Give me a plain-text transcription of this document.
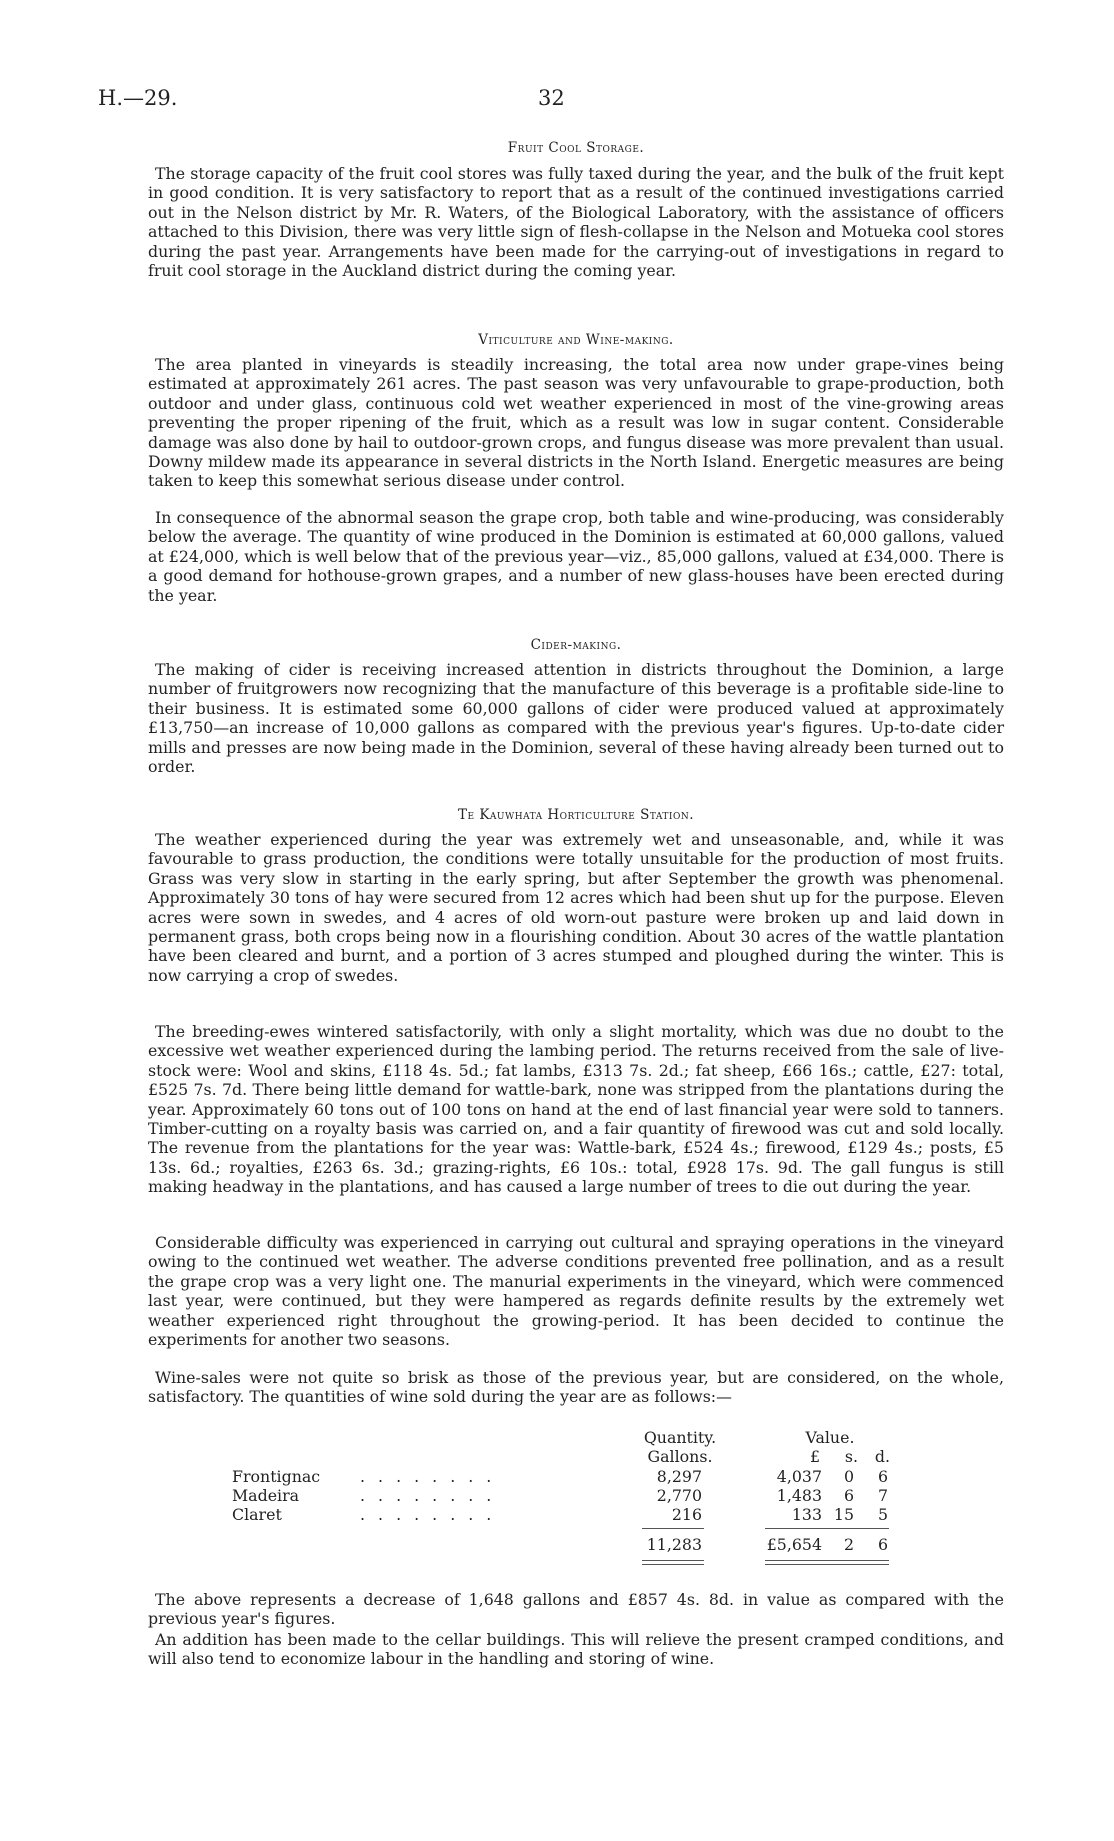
H.—29.	32
Fruit Cool Storage.

The storage capacity of the fruit cool stores was fully taxed during the year, and the bulk of the fruit kept in good condition. It is very satisfactory to report that as a result of the continued investigations carried out in the Nelson district by Mr. R. Waters, of the Biological Laboratory, with the assistance of officers attached to this Division, there was very little sign of flesh-collapse in the Nelson and Motueka cool stores during the past year. Arrangements have been made for the carrying-out of investigations in regard to fruit cool storage in the Auckland district during the coming year.

Viticulture and Wine-making.

The area planted in vineyards is steadily increasing, the total area now under grape-vines being estimated at approximately 261 acres. The past season was very unfavourable to grape-production, both outdoor and under glass, continuous cold wet weather experienced in most of the vine-growing areas preventing the proper ripening of the fruit, which as a result was low in sugar content. Considerable damage was also done by hail to outdoor-grown crops, and fungus disease was more prevalent than usual. Downy mildew made its appearance in several districts in the North Island. Energetic measures are being taken to keep this somewhat serious disease under control.

In consequence of the abnormal season the grape crop, both table and wine-producing, was considerably below the average. The quantity of wine produced in the Dominion is estimated at 60,000 gallons, valued at £24,000, which is well below that of the previous year—viz., 85,000 gallons, valued at £34,000. There is a good demand for hothouse-grown grapes, and a number of new glass-houses have been erected during the year.

Cider-making.

The making of cider is receiving increased attention in districts throughout the Dominion, a large number of fruitgrowers now recognizing that the manufacture of this beverage is a profitable side-line to their business. It is estimated some 60,000 gallons of cider were produced valued at approximately £13,750—an increase of 10,000 gallons as compared with the previous year's figures. Up-to-date cider mills and presses are now being made in the Dominion, several of these having already been turned out to order.

Te Kauwhata Horticulture Station.

The weather experienced during the year was extremely wet and unseasonable, and, while it was favourable to grass production, the conditions were totally unsuitable for the production of most fruits. Grass was very slow in starting in the early spring, but after September the growth was phenomenal. Approximately 30 tons of hay were secured from 12 acres which had been shut up for the purpose. Eleven acres were sown in swedes, and 4 acres of old worn-out pasture were broken up and laid down in permanent grass, both crops being now in a flourishing condition. About 30 acres of the wattle plantation have been cleared and burnt, and a portion of 3 acres stumped and ploughed during the winter. This is now carrying a crop of swedes.

The breeding-ewes wintered satisfactorily, with only a slight mortality, which was due no doubt to the excessive wet weather experienced during the lambing period. The returns received from the sale of live-stock were: Wool and skins, £118 4s. 5d.; fat lambs, £313 7s. 2d.; fat sheep, £66 16s.; cattle, £27: total, £525 7s. 7d. There being little demand for wattle-bark, none was stripped from the plantations during the year. Approximately 60 tons out of 100 tons on hand at the end of last financial year were sold to tanners. Timber-cutting on a royalty basis was carried on, and a fair quantity of firewood was cut and sold locally. The revenue from the plantations for the year was: Wattle-bark, £524 4s.; firewood, £129 4s.; posts, £5 13s. 6d.; royalties, £263 6s. 3d.; grazing-rights, £6 10s.: total, £928 17s. 9d. The gall fungus is still making headway in the plantations, and has caused a large number of trees to die out during the year.

Considerable difficulty was experienced in carrying out cultural and spraying operations in the vineyard owing to the continued wet weather. The adverse conditions prevented free pollination, and as a result the grape crop was a very light one. The manurial experiments in the vineyard, which were commenced last year, were continued, but they were hampered as regards definite results by the extremely wet weather experienced right throughout the growing-period. It has been decided to continue the experiments for another two seasons.

Wine-sales were not quite so brisk as those of the previous year, but are considered, on the whole, satisfactory. The quantities of wine sold during the year are as follows:—

Quantity.
Gallons.
Value.
£	s.	d.
Frontignac	. . . . . . . .	8,297	4,037	0	6
Madeira	. . . . . . . .	2,770	1,483	6	7
Claret	. . . . . . . .	216	133 15	5
11,283	£5,654	2	6

The above represents a decrease of 1,648 gallons and £857 4s. 8d. in value as compared with the previous year's figures.

An addition has been made to the cellar buildings. This will relieve the present cramped conditions, and will also tend to economize labour in the handling and storing of wine.
